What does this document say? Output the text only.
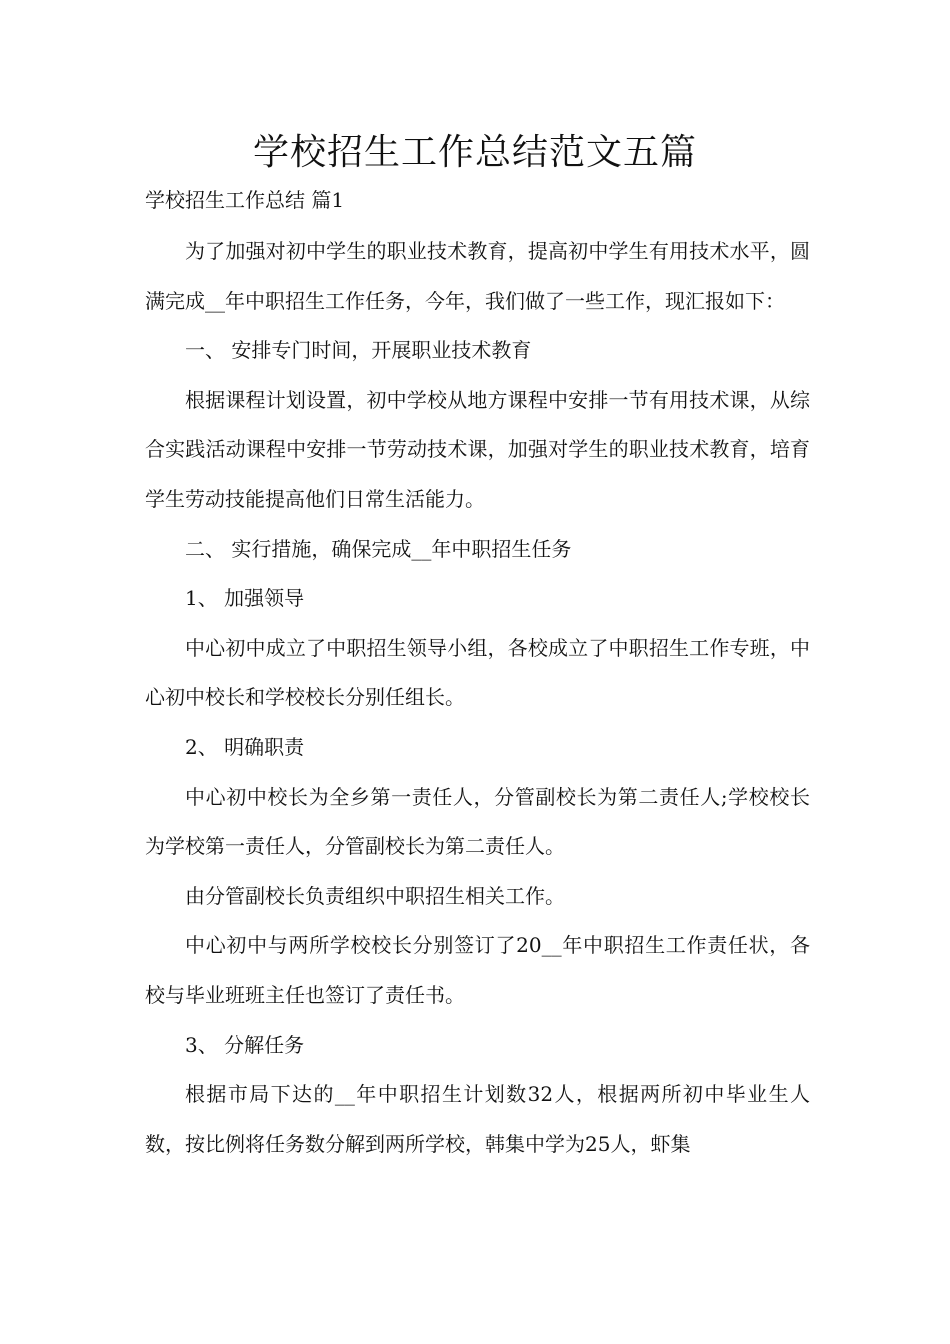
学校招生工作总结范文五篇
学校招生工作总结 篇1

为了加强对初中学生的职业技术教育，提高初中学生有用技术水平，圆满完成__年中职招生工作任务，今年，我们做了一些工作，现汇报如下：

一、 安排专门时间，开展职业技术教育

根据课程计划设置，初中学校从地方课程中安排一节有用技术课，从综合实践活动课程中安排一节劳动技术课，加强对学生的职业技术教育，培育学生劳动技能提高他们日常生活能力。

二、 实行措施，确保完成__年中职招生任务

1、 加强领导

中心初中成立了中职招生领导小组，各校成立了中职招生工作专班，中心初中校长和学校校长分别任组长。

2、 明确职责

中心初中校长为全乡第一责任人，分管副校长为第二责任人;学校校长为学校第一责任人，分管副校长为第二责任人。

由分管副校长负责组织中职招生相关工作。

中心初中与两所学校校长分别签订了20__年中职招生工作责任状，各校与毕业班班主任也签订了责任书。

3、 分解任务

根据市局下达的__年中职招生计划数32人，根据两所初中毕业生人数，按比例将任务数分解到两所学校，韩集中学为25人，虾集
